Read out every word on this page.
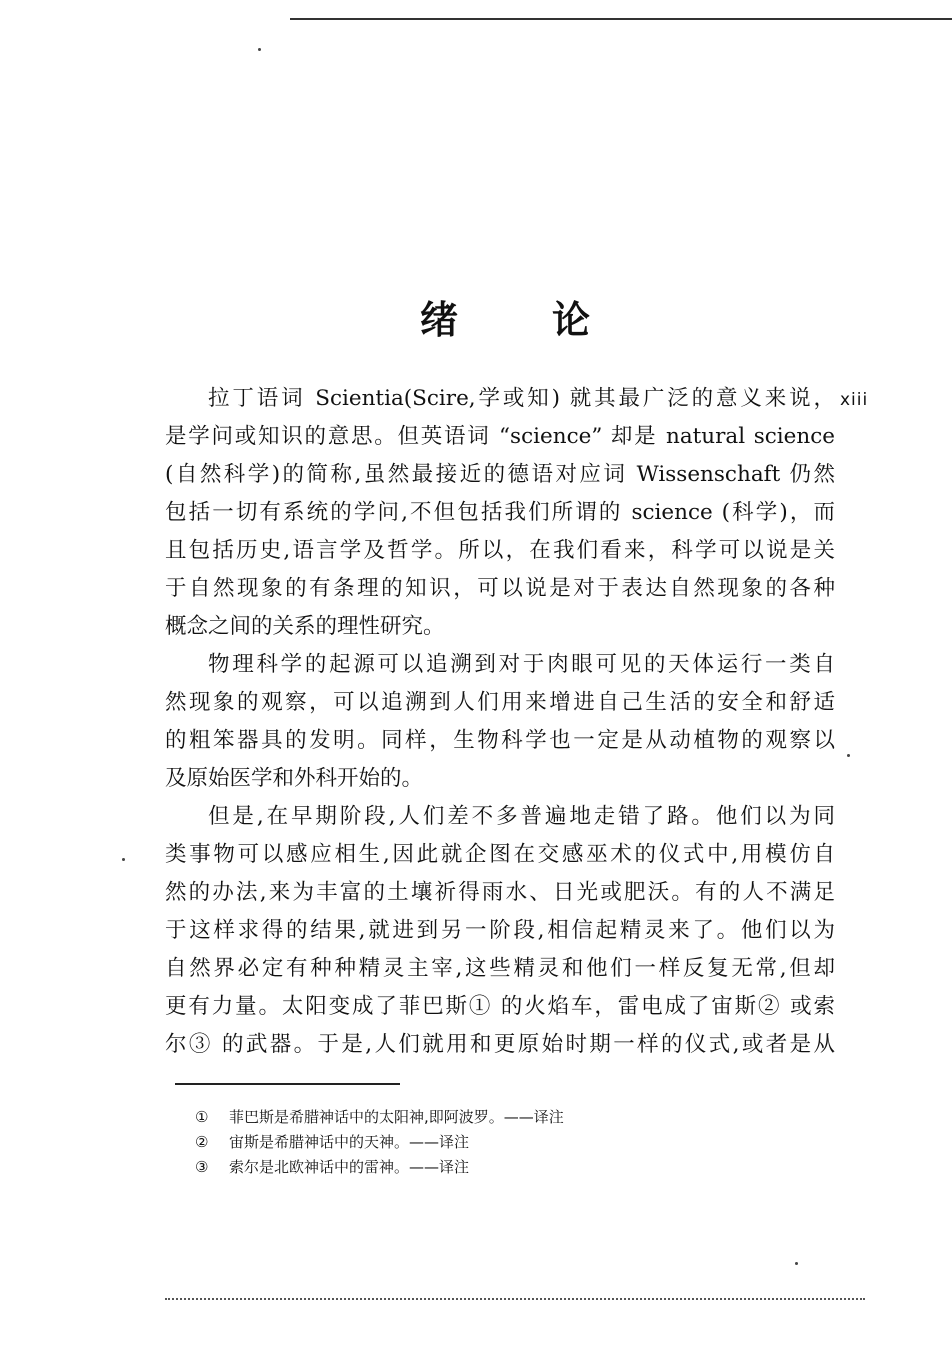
绪 论
xiii
拉丁语词 Scientia(Scire,学或知) 就其最广泛的意义来说，
是学问或知识的意思。但英语词 “science” 却是 natural science
(自然科学)的简称,虽然最接近的德语对应词 Wissenschaft 仍然
包括一切有系统的学问,不但包括我们所谓的 science (科学)，而
且包括历史,语言学及哲学。所以，在我们看来，科学可以说是关
于自然现象的有条理的知识，可以说是对于表达自然现象的各种
概念之间的关系的理性研究。
物理科学的起源可以追溯到对于肉眼可见的天体运行一类自
然现象的观察，可以追溯到人们用来增进自己生活的安全和舒适
的粗笨器具的发明。同样，生物科学也一定是从动植物的观察以
及原始医学和外科开始的。
但是,在早期阶段,人们差不多普遍地走错了路。他们以为同
类事物可以感应相生,因此就企图在交感巫术的仪式中,用模仿自
然的办法,来为丰富的土壤祈得雨水、日光或肥沃。有的人不满足
于这样求得的结果,就进到另一阶段,相信起精灵来了。他们以为
自然界必定有种种精灵主宰,这些精灵和他们一样反复无常,但却
更有力量。太阳变成了菲巴斯① 的火焰车，雷电成了宙斯② 或索
尔③ 的武器。于是,人们就用和更原始时期一样的仪式,或者是从
① 菲巴斯是希腊神话中的太阳神,即阿波罗。——译注
② 宙斯是希腊神话中的天神。——译注
③ 索尔是北欧神话中的雷神。——译注
